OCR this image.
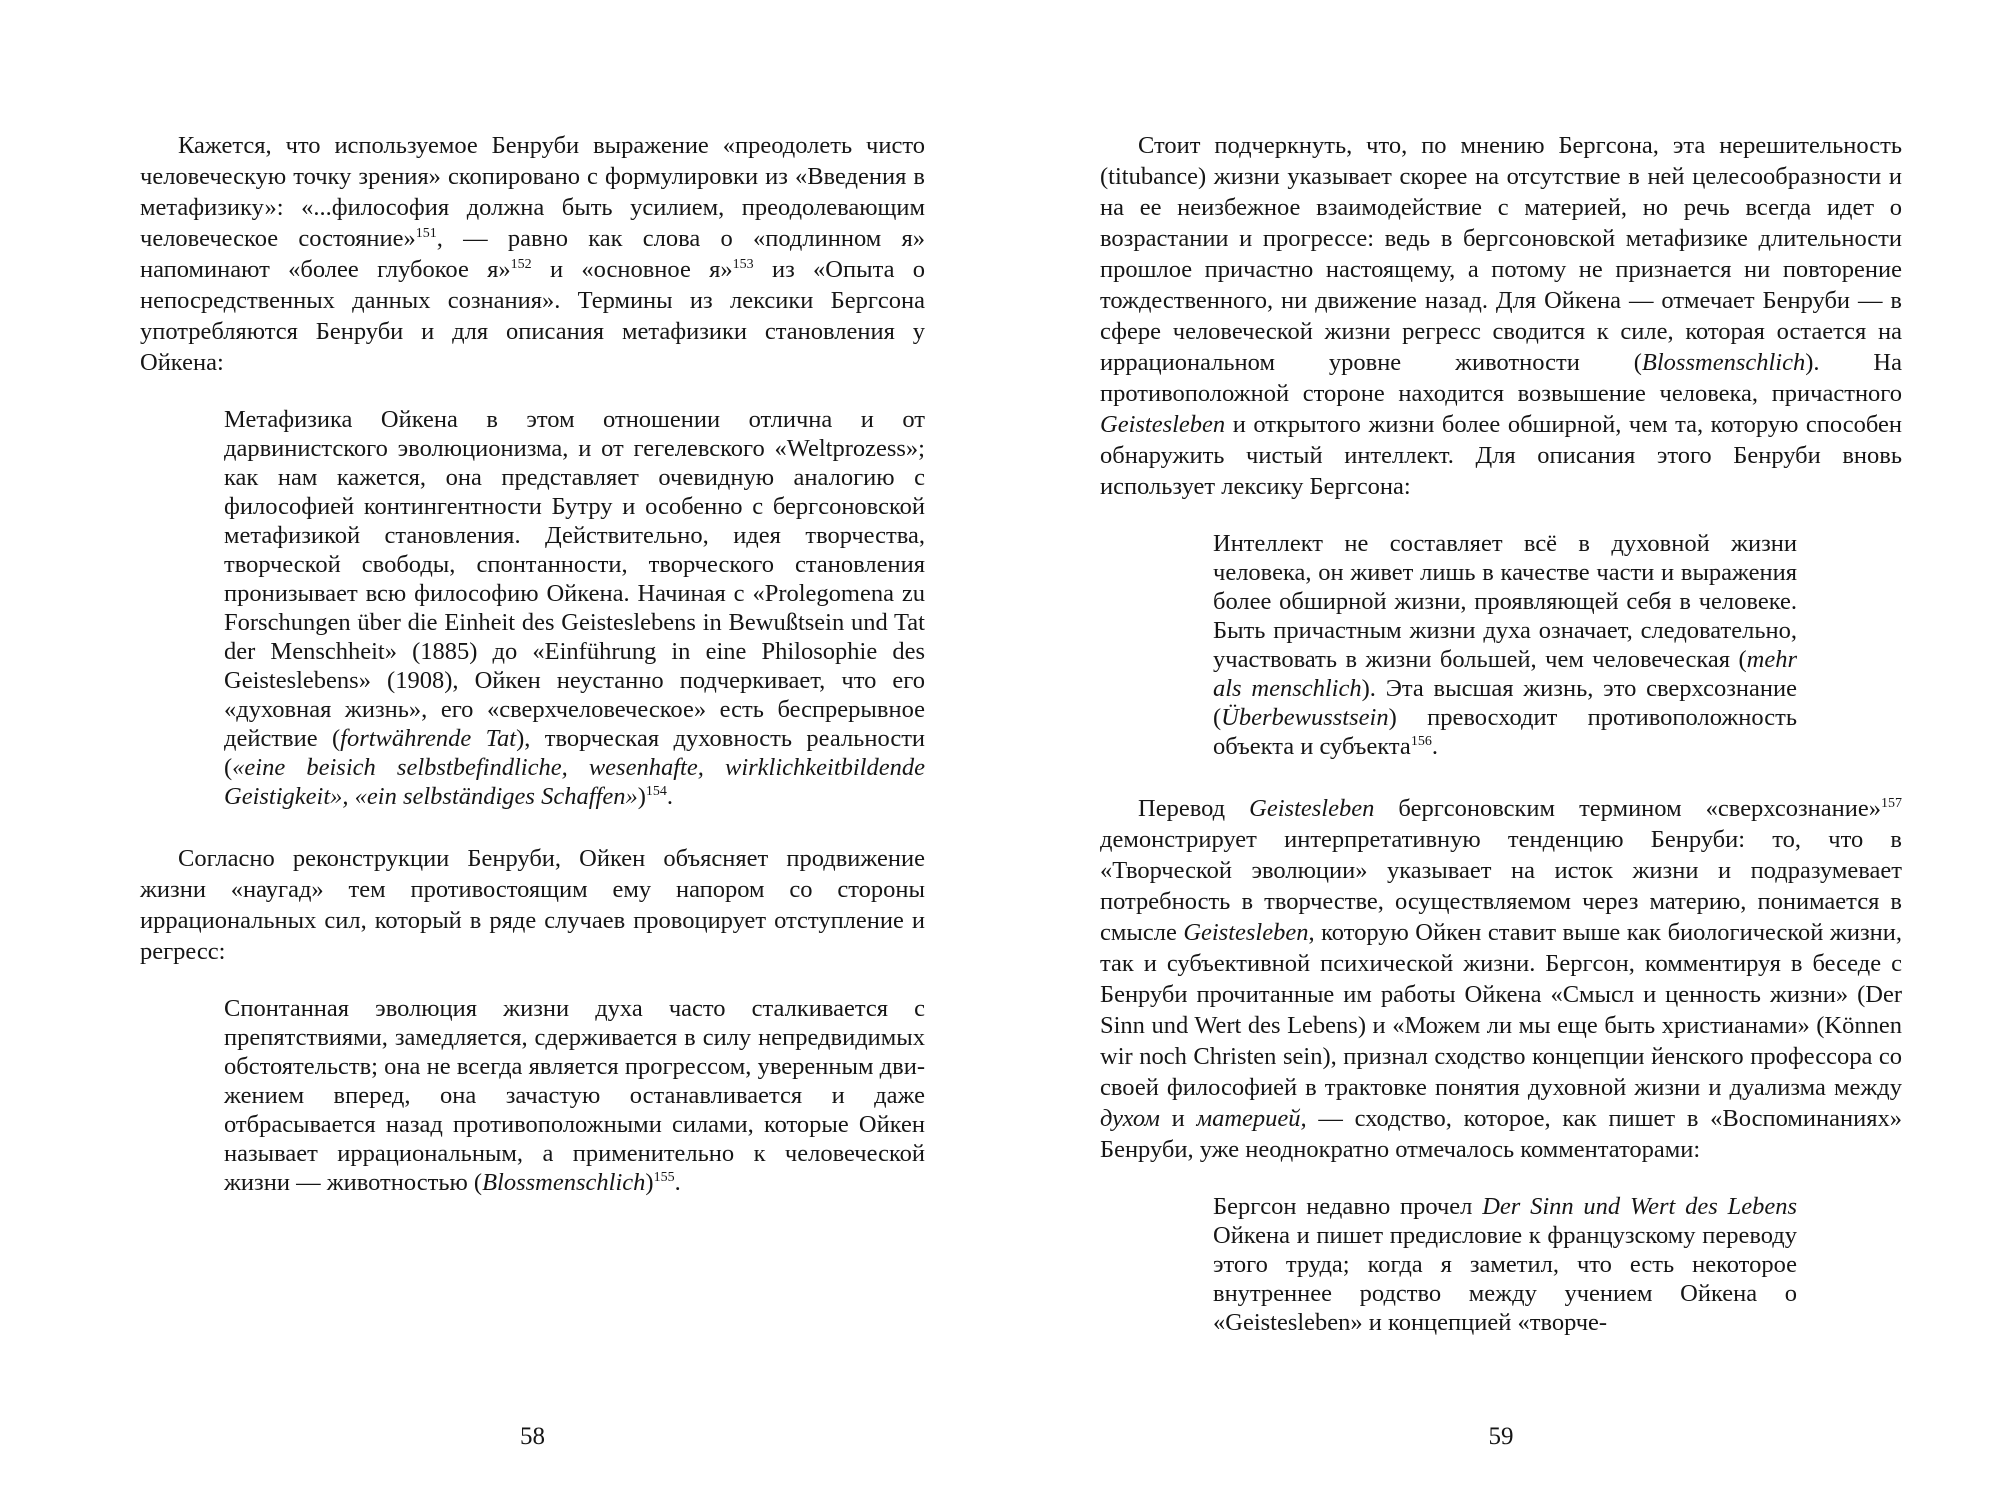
Кажется, что используемое Бенруби выражение «преодолеть чисто человеческую точку зрения» скопировано с формулировки из «Введения в метафизику»: «...философия должна быть усилием, преодолевающим человеческое состояние»$^{151}$, — равно как слова о «подлинном я» напоминают «более глубокое я»$^{152}$ и «основное я»$^{153}$ из «Опыта о непосредственных данных сознания». Термины из лексики Бергсона употребляются Бенруби и для описания метафизики становления у Ойкена:

Метафизика Ойкена в этом отношении отлична и от дарвинистского эволюционизма, и от гегелевского «Weltprozess»; как нам кажется, она представляет очевидную аналогию с философией контингентности Бутру и особенно с бергсоновской метафизикой становления. Действительно, идея творчества, творческой свободы, спонтанности, творческого становления пронизывает всю философию Ойкена. Начиная с «Prolegomena zu Forschungen über die Einheit des Geisteslebens in Bewußtsein und Tat der Menschheit» (1885) до «Einführung in eine Philosophie des Geisteslebens» (1908), Ойкен неустанно подчеркивает, что его «духовная жизнь», его «сверхчеловеческое» есть беспрерывное действие (fortwährende Tat), творческая духовность реальности («eine beisich selbstbefindliche, wesenhafte, wirklichkeitbildende Geistigkeit», «ein selbständiges Schaffen»)$^{154}$.

Согласно реконструкции Бенруби, Ойкен объясняет продвижение жизни «наугад» тем противостоящим ему напором со стороны иррациональных сил, который в ряде случаев провоцирует отступление и регресс:

Спонтанная эволюция жизни духа часто сталкивается с препятствиями, замедляется, сдерживается в силу непредвидимых обстоятельств; она не всегда является прогрессом, уверенным движением вперед, она зачастую останавливается и даже отбрасывается назад противоположными силами, которые Ойкен называет иррациональным, а применительно к человеческой жизни — животностью (Blossmenschlich)$^{155}$.

58

Стоит подчеркнуть, что, по мнению Бергсона, эта нерешительность (titubance) жизни указывает скорее на отсутствие в ней целесообразности и на ее неизбежное взаимодействие с материей, но речь всегда идет о возрастании и прогрессе: ведь в бергсоновской метафизике длительности прошлое причастно настоящему, а потому не признается ни повторение тождественного, ни движение назад. Для Ойкена — отмечает Бенруби — в сфере человеческой жизни регресс сводится к силе, которая остается на иррациональном уровне животности (Blossmenschlich). На противоположной стороне находится возвышение человека, причастного Geistesleben и открытого жизни более обширной, чем та, которую способен обнаружить чистый интеллект. Для описания этого Бенруби вновь использует лексику Бергсона:

Интеллект не составляет всё в духовной жизни человека, он живет лишь в качестве части и выражения более обширной жизни, проявляющей себя в человеке. Быть причастным жизни духа означает, следовательно, участвовать в жизни большей, чем человеческая (mehr als menschlich). Эта высшая жизнь, это сверхсознание (Überbewusstsein) превосходит противоположность объекта и субъекта$^{156}$.

Перевод Geistesleben бергсоновским термином «сверхсознание»$^{157}$ демонстрирует интерпретативную тенденцию Бенруби: то, что в «Творческой эволюции» указывает на исток жизни и подразумевает потребность в творчестве, осуществляемом через материю, понимается в смысле Geistesleben, которую Ойкен ставит выше как биологической жизни, так и субъективной психической жизни. Бергсон, комментируя в беседе с Бенруби прочитанные им работы Ойкена «Смысл и ценность жизни» (Der Sinn und Wert des Lebens) и «Можем ли мы еще быть христианами» (Können wir noch Christen sein), признал сходство концепции йенского профессора со своей философией в трактовке понятия духовной жизни и дуализма между духом и материей, — сходство, которое, как пишет в «Воспоминаниях» Бенруби, уже неоднократно отмечалось комментаторами:

Бергсон недавно прочел Der Sinn und Wert des Lebens Ойкена и пишет предисловие к французскому переводу этого труда; когда я заметил, что есть некоторое внутреннее родство между учением Ойкена о «Geistesleben» и концепцией «творче-

59
